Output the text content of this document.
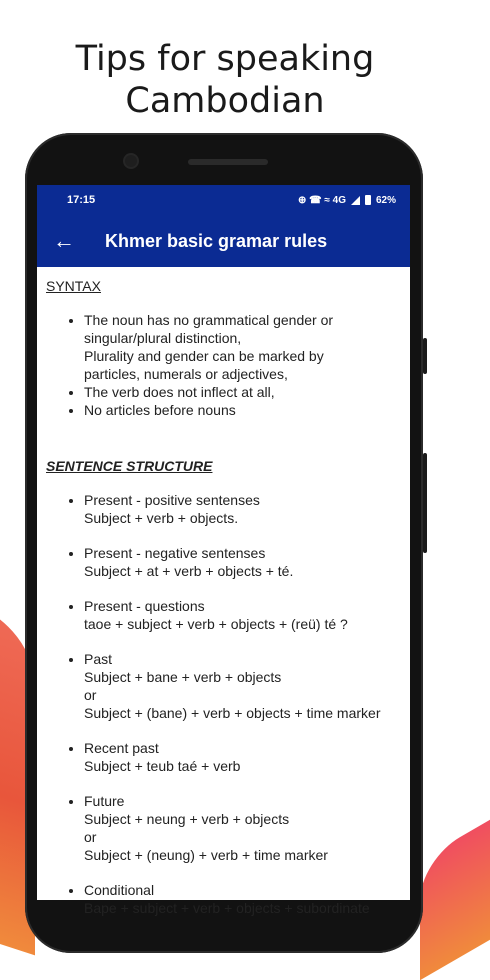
Tips for speaking
Cambodian
17:15	⊕ ☎ ≈ 4G	62%
←	Khmer basic gramar rules
SYNTAX
• The noun has no grammatical gender or
singular/plural distinction,
Plurality and gender can be marked by
particles, numerals or adjectives,
• The verb does not inflect at all,
• No articles before nouns
SENTENCE STRUCTURE
• Present - positive sentenses
Subject + verb + objects.
• Present - negative sentenses
Subject + at + verb + objects + té.
• Present - questions
taoe + subject + verb + objects + (reü) té ?
• Past
Subject + bane + verb + objects
or
Subject + (bane) + verb + objects + time marker
• Recent past
Subject + teub taé + verb
• Future
Subject + neung + verb + objects
or
Subject + (neung) + verb + time marker
• Conditional
Bape + subject + verb + objects + subordinate
